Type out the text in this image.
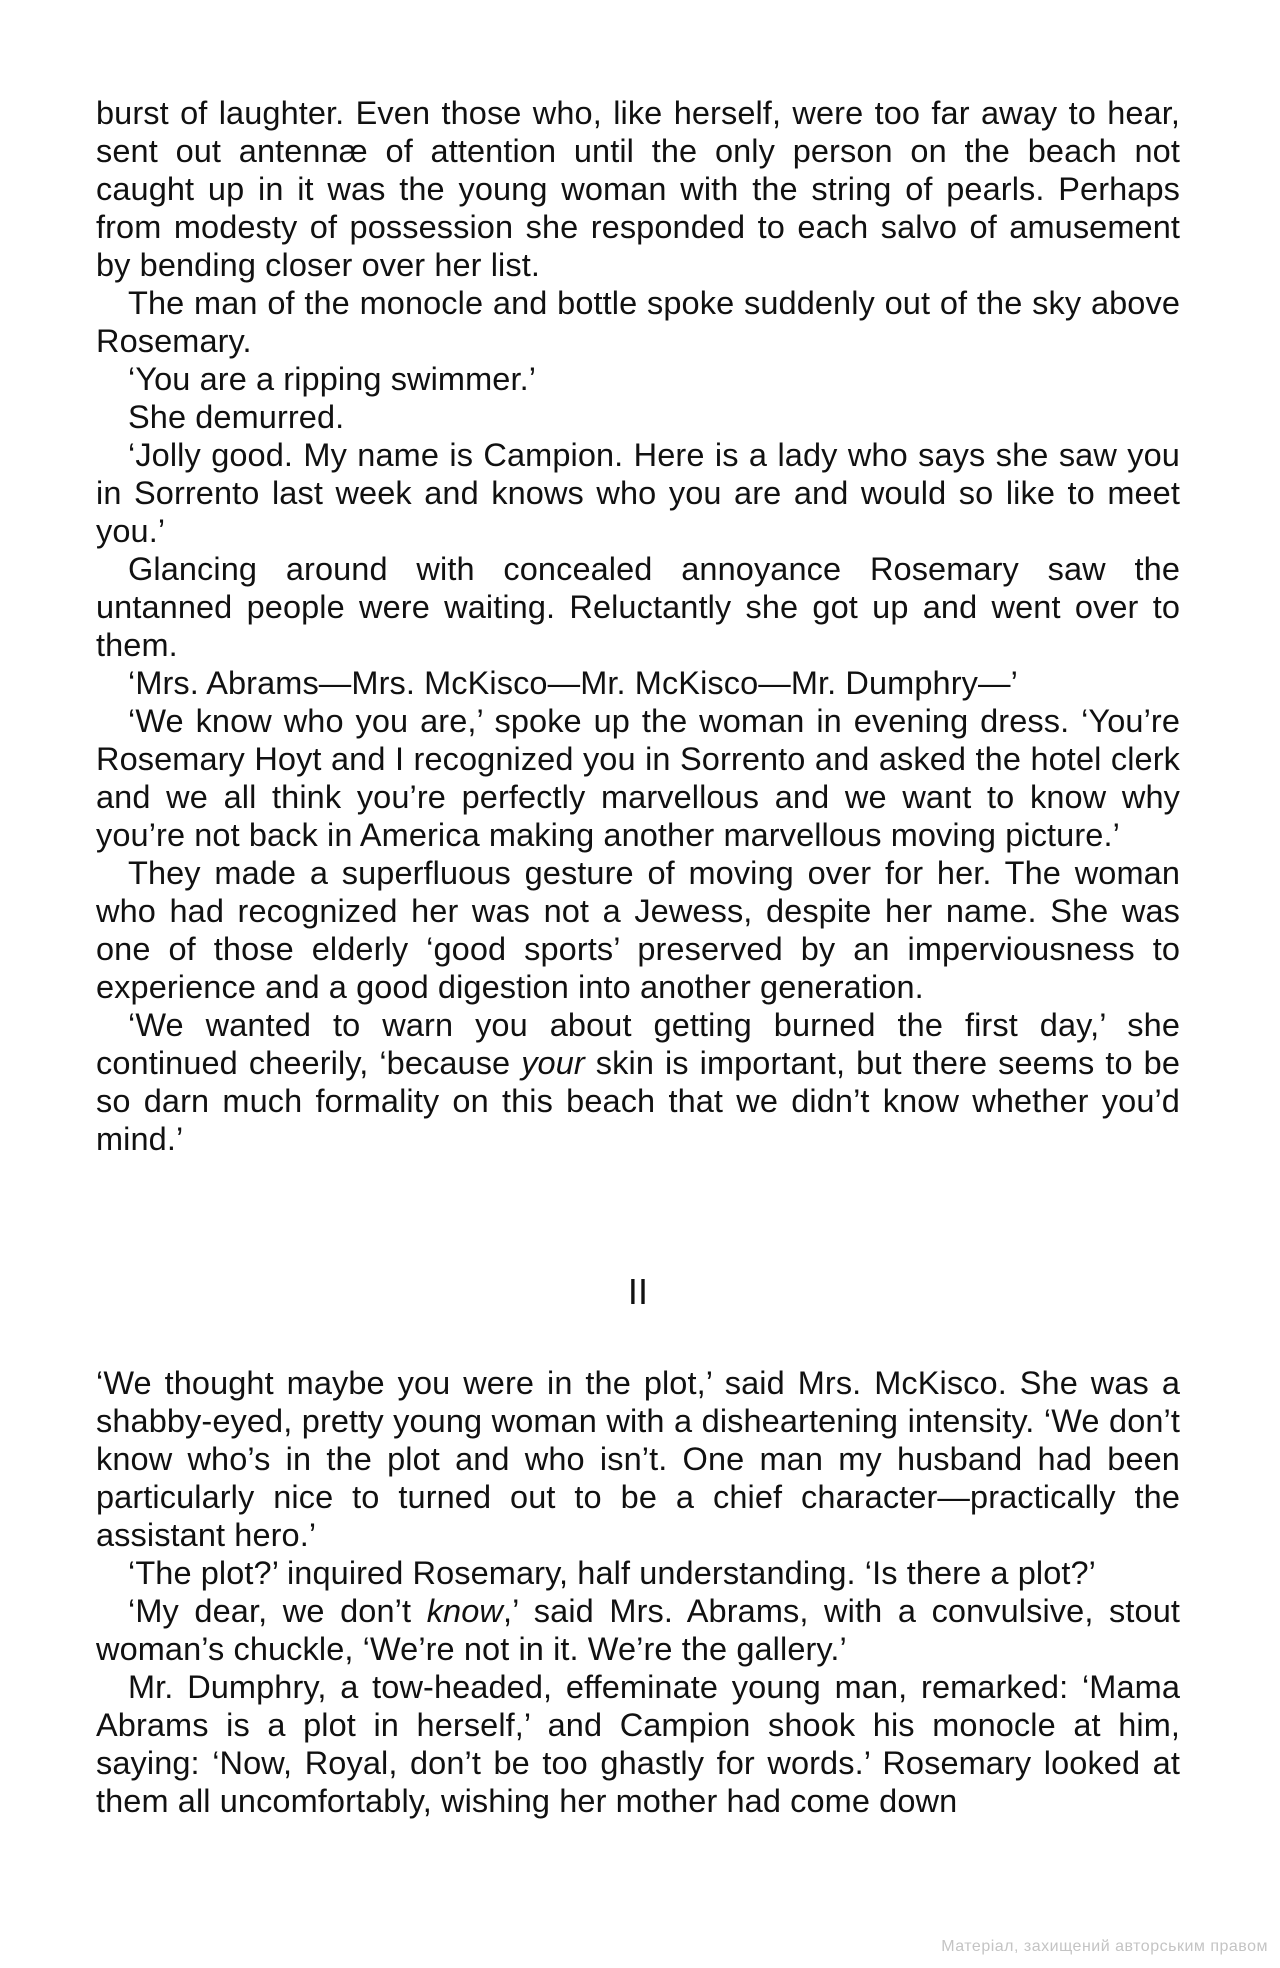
burst of laughter. Even those who, like herself, were too far away to hear, sent out antennæ of attention until the only person on the beach not caught up in it was the young woman with the string of pearls. Perhaps from modesty of possession she responded to each salvo of amusement by bending closer over her list.

The man of the monocle and bottle spoke suddenly out of the sky above Rosemary.

‘You are a ripping swimmer.’

She demurred.

‘Jolly good. My name is Campion. Here is a lady who says she saw you in Sorrento last week and knows who you are and would so like to meet you.’

Glancing around with concealed annoyance Rosemary saw the untanned people were waiting. Reluctantly she got up and went over to them.

‘Mrs. Abrams—Mrs. McKisco—Mr. McKisco—Mr. Dumphry—’

‘We know who you are,’ spoke up the woman in evening dress. ‘You’re Rosemary Hoyt and I recognized you in Sorrento and asked the hotel clerk and we all think you’re perfectly marvellous and we want to know why you’re not back in America making another marvellous moving picture.’

They made a superfluous gesture of moving over for her. The woman who had recognized her was not a Jewess, despite her name. She was one of those elderly ‘good sports’ preserved by an imperviousness to experience and a good digestion into another generation.

‘We wanted to warn you about getting burned the first day,’ she continued cheerily, ‘because your skin is important, but there seems to be so darn much formality on this beach that we didn’t know whether you’d mind.’

II

‘We thought maybe you were in the plot,’ said Mrs. McKisco. She was a shabby-eyed, pretty young woman with a disheartening intensity. ‘We don’t know who’s in the plot and who isn’t. One man my husband had been particularly nice to turned out to be a chief character—practically the assistant hero.’

‘The plot?’ inquired Rosemary, half understanding. ‘Is there a plot?’

‘My dear, we don’t know,’ said Mrs. Abrams, with a convulsive, stout woman’s chuckle, ‘We’re not in it. We’re the gallery.’

Mr. Dumphry, a tow-headed, effeminate young man, remarked: ‘Mama Abrams is a plot in herself,’ and Campion shook his monocle at him, saying: ‘Now, Royal, don’t be too ghastly for words.’ Rosemary looked at them all uncomfortably, wishing her mother had come down

Матеріал, захищений авторським правом
